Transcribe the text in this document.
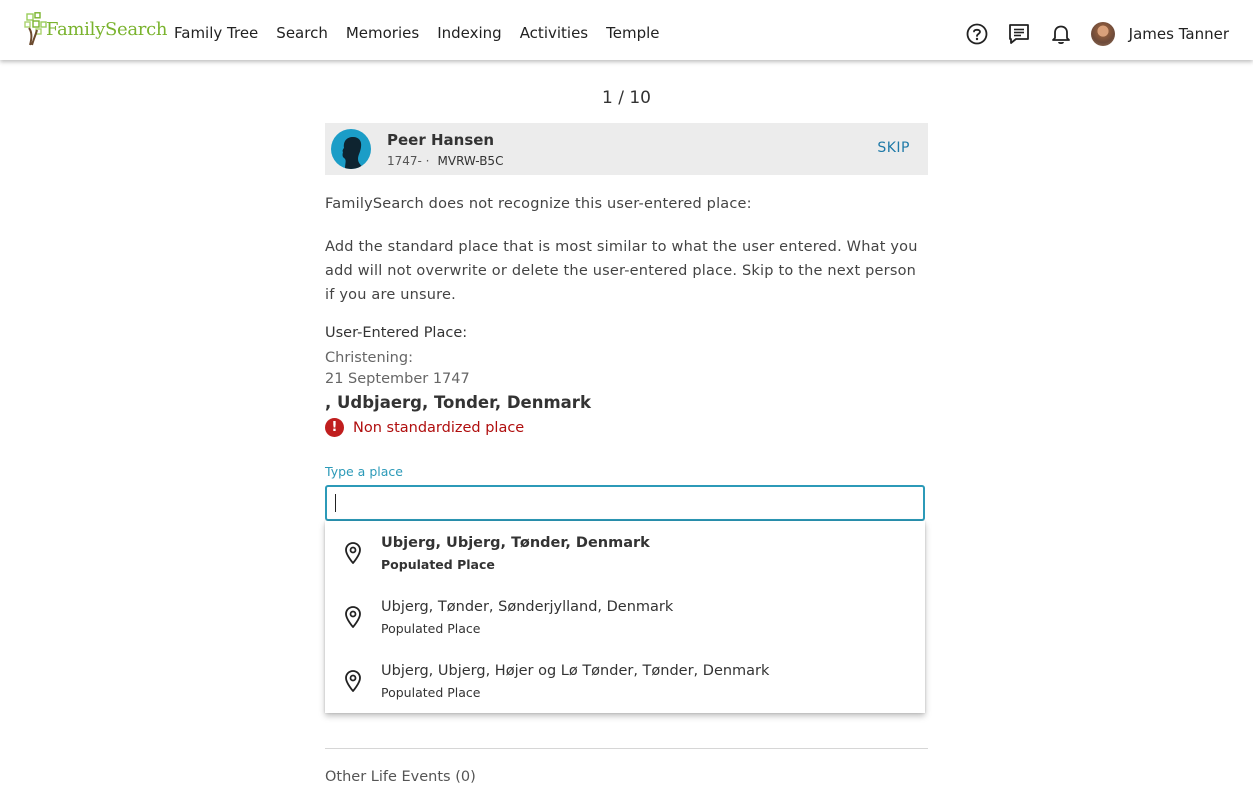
FamilySearch Family Tree Search Memories Indexing Activities Temple	James Tanner
1 / 10
Peer Hansen
1747- · MVRW-B5C
SKIP
FamilySearch does not recognize this user-entered place:
Add the standard place that is most similar to what the user entered. What you add will not overwrite or delete the user-entered place. Skip to the next person if you are unsure.
User-Entered Place:
Christening:
21 September 1747
, Udbjaerg, Tonder, Denmark
!	Non standardized place
Type a place
Ubjerg, Ubjerg, Tønder, Denmark
Populated Place
Ubjerg, Tønder, Sønderjylland, Denmark
Populated Place
Ubjerg, Ubjerg, Højer og Lø Tønder, Tønder, Denmark
Populated Place
Other Life Events (0)
